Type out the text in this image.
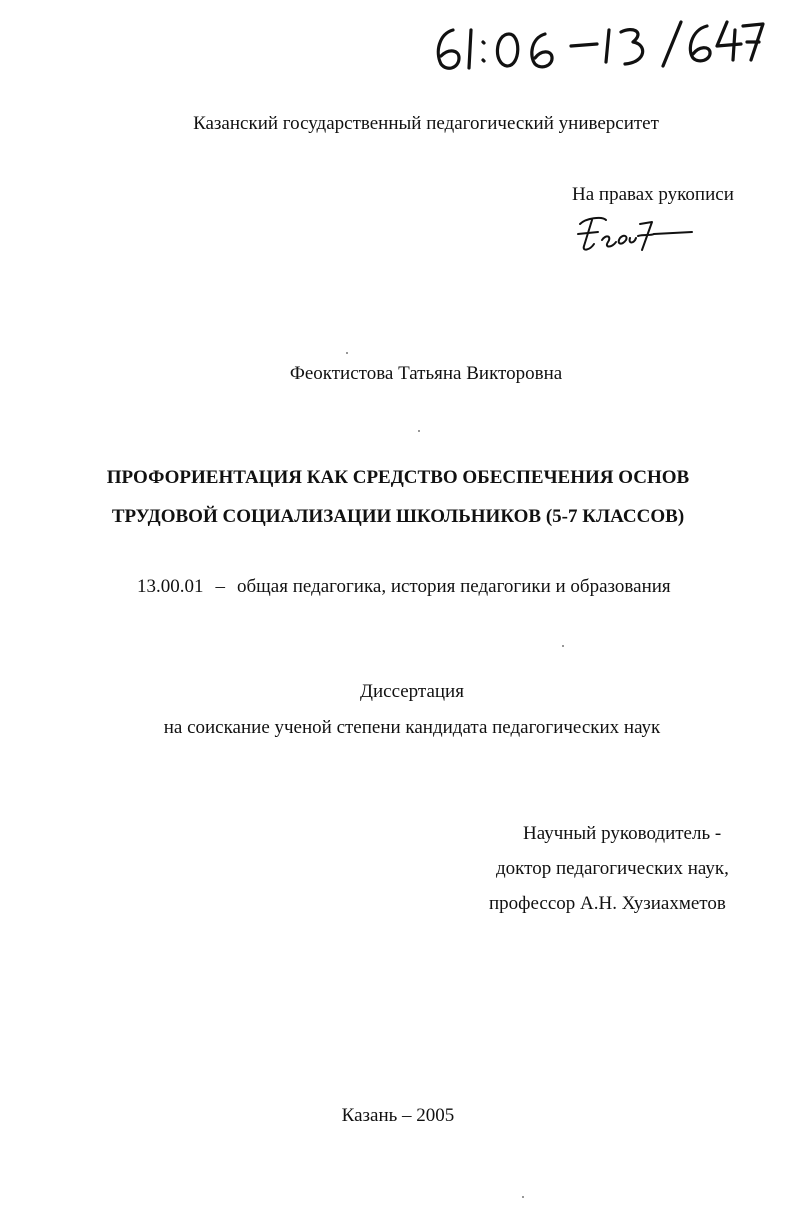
Казанский государственный педагогический университет
На правах рукописи
Феоктистова Татьяна Викторовна
ПРОФОРИЕНТАЦИЯ КАК СРЕДСТВО ОБЕСПЕЧЕНИЯ ОСНОВ
ТРУДОВОЙ СОЦИАЛИЗАЦИИ ШКОЛЬНИКОВ (5-7 КЛАССОВ)
13.00.01 – общая педагогика, история педагогики и образования
Диссертация
на соискание ученой степени кандидата педагогических наук
Научный руководитель -
доктор педагогических наук,
профессор А.Н. Хузиахметов
Казань – 2005
